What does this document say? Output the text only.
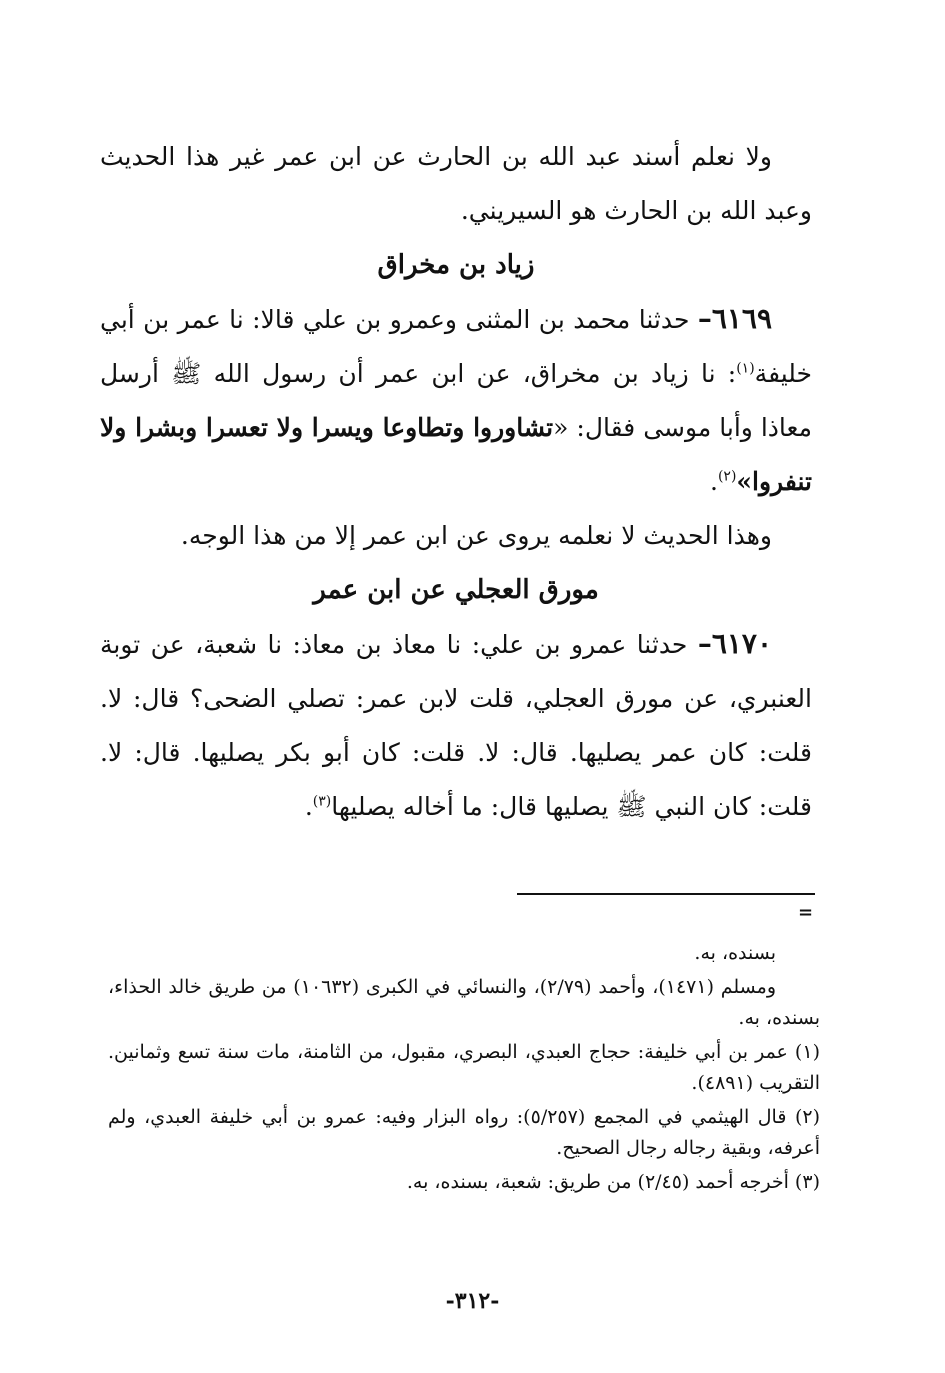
ولا نعلم أسند عبد الله بن الحارث عن ابن عمر غير هذا الحديث وعبد الله بن الحارث هو السيريني.

زياد بن مخراق

٦١٦٩– حدثنا محمد بن المثنى وعمرو بن علي قالا: نا عمر بن أبي خليفة$^{(١)}$: نا زياد بن مخراق، عن ابن عمر أن رسول الله ﷺ أرسل معاذا وأبا موسى فقال: «تشاوروا وتطاوعا ويسرا ولا تعسرا وبشرا ولا تنفروا»$^{(٢)}$.

وهذا الحديث لا نعلمه يروى عن ابن عمر إلا من هذا الوجه.

مورق العجلي عن ابن عمر

٦١٧٠– حدثنا عمرو بن علي: نا معاذ بن معاذ: نا شعبة، عن توبة العنبري، عن مورق العجلي، قلت لابن عمر: تصلي الضحى؟ قال: لا. قلت: كان عمر يصليها. قال: لا. قلت: كان أبو بكر يصليها. قال: لا. قلت: كان النبي ﷺ يصليها قال: ما أخاله يصليها$^{(٣)}$.

=

بسنده، به.

ومسلم (١٤٧١)، وأحمد (٢/٧٩)، والنسائي في الكبرى (١٠٦٣٢) من طريق خالد الحذاء، بسنده، به.

(١) عمر بن أبي خليفة: حجاج العبدي، البصري، مقبول، من الثامنة، مات سنة تسع وثمانين. التقريب (٤٨٩١).

(٢) قال الهيثمي في المجمع (٥/٢٥٧): رواه البزار وفيه: عمرو بن أبي خليفة العبدي، ولم أعرفه، وبقية رجاله رجال الصحيح.

(٣) أخرجه أحمد (٢/٤٥) من طريق: شعبة، بسنده، به.

-٣١٢-
